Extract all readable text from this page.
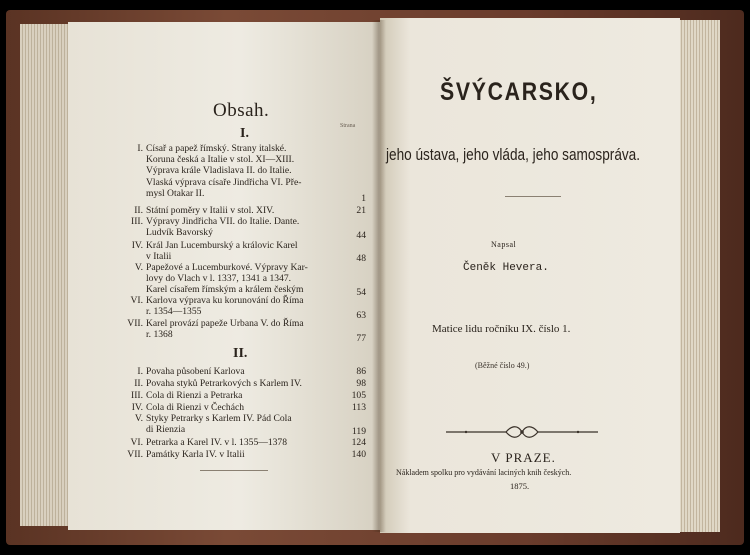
Obsah.
Strana
I.
I. Císař a papež římský. Strany italské.
Koruna česká a Italie v stol. XI—XIII.
Výprava krále Vladislava II. do Italie.
Vlaská výprava císaře Jindřicha VI. Pře-
mysl Otakar II.	1
II. Státní poměry v Italii v stol. XIV.	21
III. Výpravy Jindřicha VII. do Italie. Dante.
Ludvík Bavorský	44
IV. Král Jan Lucemburský a královic Karel
v Italii	48
V. Papežové a Lucemburkové. Výpravy Kar-
lovy do Vlach v l. 1337, 1341 a 1347.
Karel císařem římským a králem českým	54
VI. Karlova výprava ku korunování do Říma
r. 1354—1355	63
VII. Karel provází papeže Urbana V. do Říma
r. 1368	77
II.
I. Povaha působení Karlova	86
II. Povaha styků Petrarkových s Karlem IV.	98
III. Cola di Rienzi a Petrarka	105
IV. Cola di Rienzi v Čechách	113
V. Styky Petrarky s Karlem IV. Pád Cola
di Rienzia	119
VI. Petrarka a Karel IV. v l. 1355—1378	124
VII. Památky Karla IV. v Italii	140
ŠVÝCARSKO,
jeho ústava, jeho vláda, jeho samospráva.
Napsal
Čeněk Hevera.
Matice lidu ročníku IX. číslo 1.
(Běžné číslo 49.)
V PRAZE.
Nákladem spolku pro vydávání laciných knih českých.
1875.
